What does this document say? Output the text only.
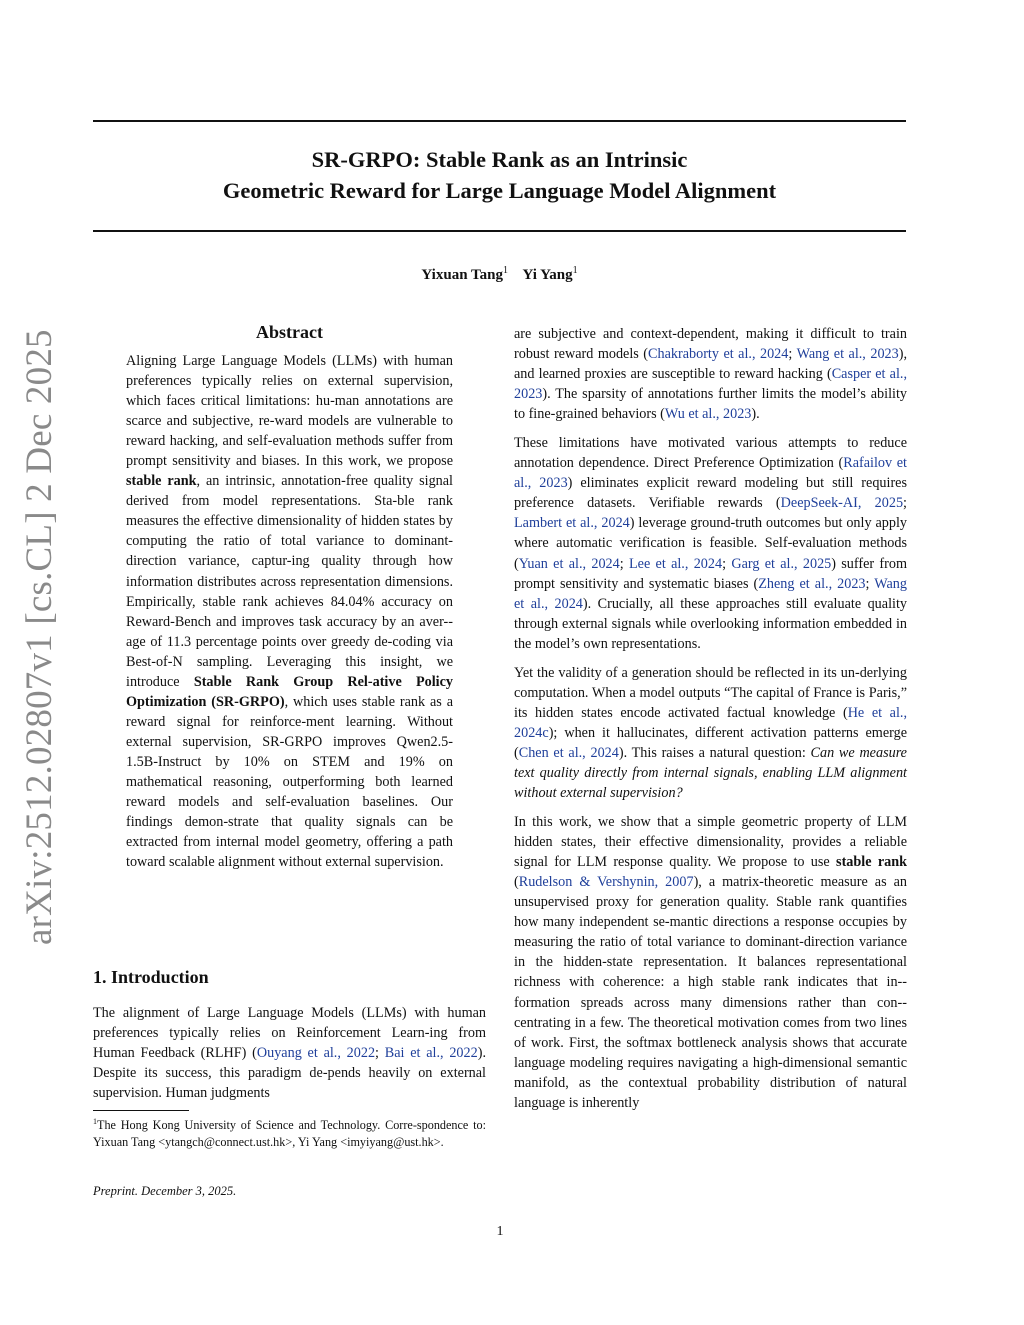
arXiv:2512.02807v1 [cs.CL] 2 Dec 2025
SR-GRPO: Stable Rank as an Intrinsic
Geometric Reward for Large Language Model Alignment
Yixuan Tang$^1$ Yi Yang$^1$
Abstract
Aligning Large Language Models (LLMs) with human preferences typically relies on external supervision, which faces critical limitations: hu-man annotations are scarce and subjective, re-ward models are vulnerable to reward hacking, and self-evaluation methods suffer from prompt sensitivity and biases. In this work, we propose stable rank, an intrinsic, annotation-free quality signal derived from model representations. Sta-ble rank measures the effective dimensionality of hidden states by computing the ratio of total variance to dominant-direction variance, captur-ing quality through how information distributes across representation dimensions. Empirically, stable rank achieves 84.04% accuracy on Reward-Bench and improves task accuracy by an aver-age of 11.3 percentage points over greedy de-coding via Best-of-N sampling. Leveraging this insight, we introduce Stable Rank Group Rel-ative Policy Optimization (SR-GRPO), which uses stable rank as a reward signal for reinforce-ment learning. Without external supervision, SR-GRPO improves Qwen2.5-1.5B-Instruct by 10% on STEM and 19% on mathematical reasoning, outperforming both learned reward models and self-evaluation baselines. Our findings demon-strate that quality signals can be extracted from internal model geometry, offering a path toward scalable alignment without external supervision.
1. Introduction
The alignment of Large Language Models (LLMs) with human preferences typically relies on Reinforcement Learn-ing from Human Feedback (RLHF) (Ouyang et al., 2022; Bai et al., 2022). Despite its success, this paradigm de-pends heavily on external supervision. Human judgments
$^1$The Hong Kong University of Science and Technology. Corre-spondence to: Yixuan Tang <ytangch@connect.ust.hk>, Yi Yang <imyiyang@ust.hk>.
Preprint. December 3, 2025.

are subjective and context-dependent, making it difficult to train robust reward models (Chakraborty et al., 2024; Wang et al., 2023), and learned proxies are susceptible to reward hacking (Casper et al., 2023). The sparsity of annotations further limits the model’s ability to fine-grained behaviors (Wu et al., 2023).

These limitations have motivated various attempts to reduce annotation dependence. Direct Preference Optimization (Rafailov et al., 2023) eliminates explicit reward modeling but still requires preference datasets. Verifiable rewards (DeepSeek-AI, 2025; Lambert et al., 2024) leverage ground-truth outcomes but only apply where automatic verification is feasible. Self-evaluation methods (Yuan et al., 2024; Lee et al., 2024; Garg et al., 2025) suffer from prompt sensitivity and systematic biases (Zheng et al., 2023; Wang et al., 2024). Crucially, all these approaches still evaluate quality through external signals while overlooking information embedded in the model’s own representations.

Yet the validity of a generation should be reflected in its un-derlying computation. When a model outputs “The capital of France is Paris,” its hidden states encode activated factual knowledge (He et al., 2024c); when it hallucinates, different activation patterns emerge (Chen et al., 2024). This raises a natural question: Can we measure text quality directly from internal signals, enabling LLM alignment without external supervision?

In this work, we show that a simple geometric property of LLM hidden states, their effective dimensionality, provides a reliable signal for LLM response quality. We propose to use stable rank (Rudelson & Vershynin, 2007), a matrix-theoretic measure as an unsupervised proxy for generation quality. Stable rank quantifies how many independent se-mantic directions a response occupies by measuring the ratio of total variance to dominant-direction variance in the hidden-state representation. It balances representational richness with coherence: a high stable rank indicates that in-formation spreads across many dimensions rather than con-centrating in a few. The theoretical motivation comes from two lines of work. First, the softmax bottleneck analysis shows that accurate language modeling requires navigating a high-dimensional semantic manifold, as the contextual probability distribution of natural language is inherently

1
